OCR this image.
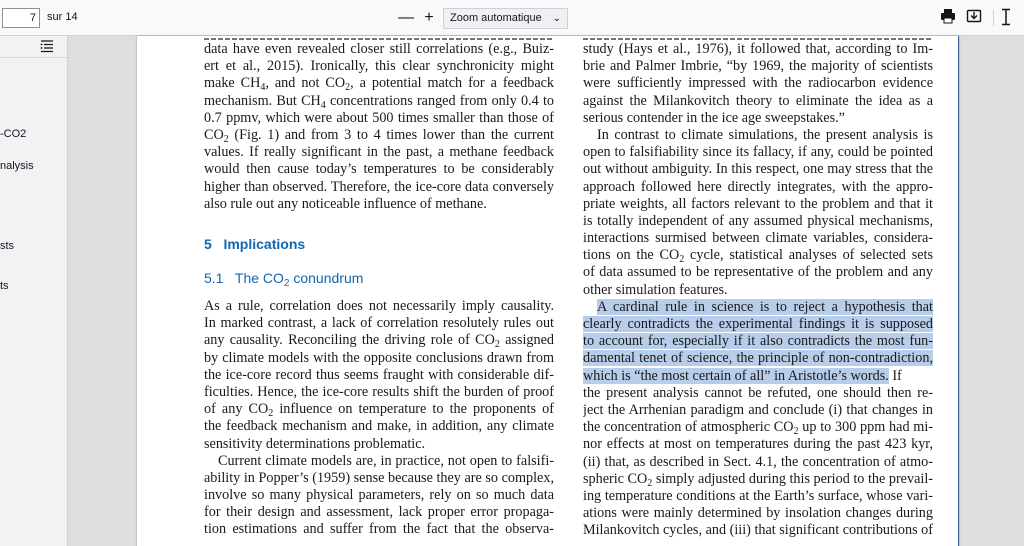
7	sur 14	— +	Zoom automatique ⌄
-CO2
nalysis
sts
ts
data have even revealed closer still correlations (e.g., Buiz-
ert et al., 2015). Ironically, this clear synchronicity might
make $CH_4$, and not $CO_2$, a potential match for a feedback
mechanism. But $CH_4$ concentrations ranged from only 0.4 to
0.7 ppmv, which were about 500 times smaller than those of
$CO_2$ (Fig. 1) and from 3 to 4 times lower than the current
values. If really significant in the past, a methane feedback
would then cause today’s temperatures to be considerably
higher than observed. Therefore, the ice-core data conversely
also rule out any noticeable influence of methane.
5 Implications
5.1 The $CO_2$ conundrum
As a rule, correlation does not necessarily imply causality.
In marked contrast, a lack of correlation resolutely rules out
any causality. Reconciling the driving role of $CO_2$ assigned
by climate models with the opposite conclusions drawn from
the ice-core record thus seems fraught with considerable dif-
ficulties. Hence, the ice-core results shift the burden of proof
of any $CO_2$ influence on temperature to the proponents of
the feedback mechanism and make, in addition, any climate
sensitivity determinations problematic.
Current climate models are, in practice, not open to falsifi-
ability in Popper’s (1959) sense because they are so complex,
involve so many physical parameters, rely on so much data
for their design and assessment, lack proper error propaga-
tion estimations and suffer from the fact that the observa-
study (Hays et al., 1976), it followed that, according to Im-
brie and Palmer Imbrie, “by 1969, the majority of scientists
were sufficiently impressed with the radiocarbon evidence
against the Milankovitch theory to eliminate the idea as a
serious contender in the ice age sweepstakes.”
In contrast to climate simulations, the present analysis is
open to falsifiability since its fallacy, if any, could be pointed
out without ambiguity. In this respect, one may stress that the
approach followed here directly integrates, with the appro-
priate weights, all factors relevant to the problem and that it
is totally independent of any assumed physical mechanisms,
interactions surmised between climate variables, considera-
tions on the $CO_2$ cycle, statistical analyses of selected sets
of data assumed to be representative of the problem and any
other simulation features.
A cardinal rule in science is to reject a hypothesis that
clearly contradicts the experimental findings it is supposed
to account for, especially if it also contradicts the most fun-
damental tenet of science, the principle of non-contradiction,
which is “the most certain of all” in Aristotle’s words. If
the present analysis cannot be refuted, one should then re-
ject the Arrhenian paradigm and conclude (i) that changes in
the concentration of atmospheric $CO_2$ up to 300 ppm had mi-
nor effects at most on temperatures during the past 423 kyr,
(ii) that, as described in Sect. 4.1, the concentration of atmo-
spheric $CO_2$ simply adjusted during this period to the prevail-
ing temperature conditions at the Earth’s surface, whose vari-
ations were mainly determined by insolation changes during
Milankovitch cycles, and (iii) that significant contributions of
